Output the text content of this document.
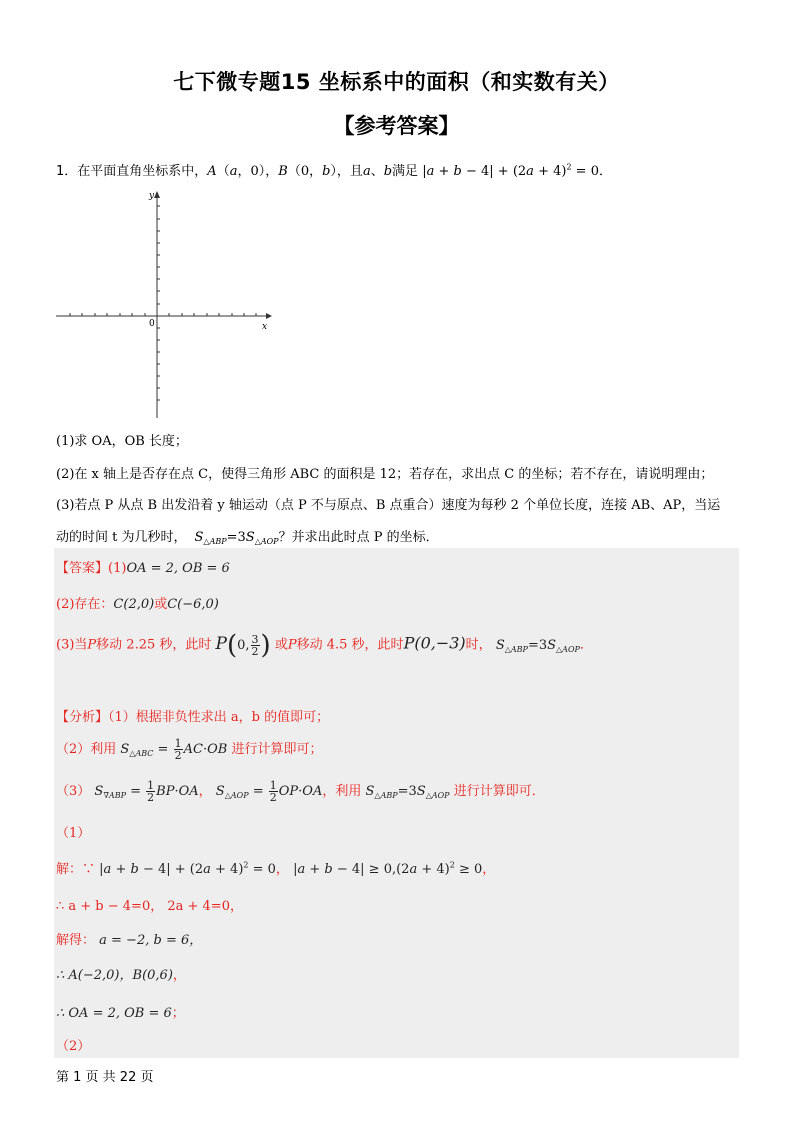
七下微专题15 坐标系中的面积（和实数有关）
【参考答案】
1．在平面直角坐标系中，A（a，0），B（0，b），且a、b满足 $|a + b - 4| + (2a + 4)^2 = 0$．
x
y
0
(1)求 OA，OB 长度；
(2)在 x 轴上是否存在点 C，使得三角形 ABC 的面积是 12；若存在，求出点 C 的坐标；若不存在，请说明理由；
(3)若点 P 从点 B 出发沿着 y 轴运动（点 P 不与原点、B 点重合）速度为每秒 2 个单位长度，连接 AB、AP，当运
动的时间 t 为几秒时， $S_{\triangle ABP}=3S_{\triangle AOP}$？并求出此时点 P 的坐标．
【答案】(1)OA = 2, OB = 6
(2)存在：C(2,0)或C(−6,0)
(3)当P移动 2.25 秒，此时 P(0, $\frac{3}{2}$ ) 或P移动 4.5 秒，此时P(0,−3)时， $S_{\triangle ABP}=3S_{\triangle AOP}$．
【分析】（1）根据非负性求出 a，b 的值即可；
（2）利用 $S_{\triangle ABC} = \frac{1}{2} AC\cdot OB$ 进行计算即可；
（3） $S_{\nabla ABP} = \frac{1}{2} BP\cdot OA$， $S_{\triangle AOP} = \frac{1}{2} OP\cdot OA$，利用 $S_{\triangle ABP}=3S_{\triangle AOP}$ 进行计算即可．
（1）
解：∵ $|a + b - 4| + (2a + 4)^2 = 0$， $|a + b - 4| \ge 0,(2a + 4)^2 \ge 0$，
∴ a + b − 4=0， 2a + 4=0，
解得： a = −2, b = 6，
∴ A(−2,0)，B(0,6)，
∴ OA = 2, OB = 6；
（2）
第 1 页 共 22 页
